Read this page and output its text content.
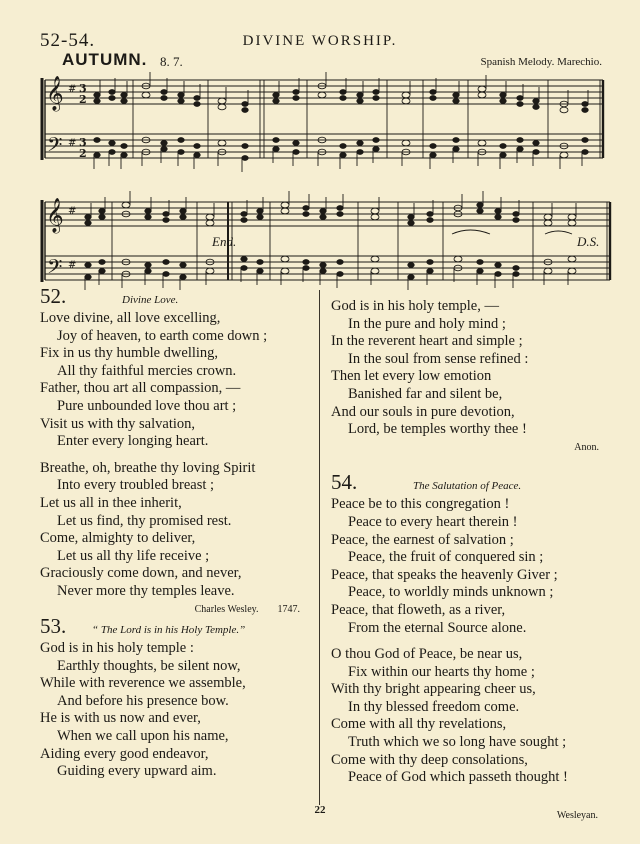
52-54.	DIVINE WORSHIP.
AUTUMN. 8. 7.	Spanish Melody. Marechio.
𝄞
𝄢
#
#
3
2
3
2
𝄞
𝄢
#
#
End.	D.S.
52.	Divine Love.
Love divine, all love excelling,
Joy of heaven, to earth come down ;
Fix in us thy humble dwelling,
All thy faithful mercies crown.
Father, thou art all compassion, —
Pure unbounded love thou art ;
Visit us with thy salvation,
Enter every longing heart.
Breathe, oh, breathe thy loving Spirit
Into every troubled breast ;
Let us all in thee inherit,
Let us find, thy promised rest.
Come, almighty to deliver,
Let us all thy life receive ;
Graciously come down, and never,
Never more thy temples leave.
Charles Wesley. 1747.
53.	“ The Lord is in his Holy Temple.”
God is in his holy temple :
Earthly thoughts, be silent now,
While with reverence we assemble,
And before his presence bow.
He is with us now and ever,
When we call upon his name,
Aiding every good endeavor,
Guiding every upward aim.
God is in his holy temple, —
In the pure and holy mind ;
In the reverent heart and simple ;
In the soul from sense refined :
Then let every low emotion
Banished far and silent be,
And our souls in pure devotion,
Lord, be temples worthy thee !
Anon.
54.	The Salutation of Peace.
Peace be to this congregation !
Peace to every heart therein !
Peace, the earnest of salvation ;
Peace, the fruit of conquered sin ;
Peace, that speaks the heavenly Giver ;
Peace, to worldly minds unknown ;
Peace, that floweth, as a river,
From the eternal Source alone.
O thou God of Peace, be near us,
Fix within our hearts thy home ;
With thy bright appearing cheer us,
In thy blessed freedom come.
Come with all thy revelations,
Truth which we so long have sought ;
Come with thy deep consolations,
Peace of God which passeth thought !
22	Wesleyan.
